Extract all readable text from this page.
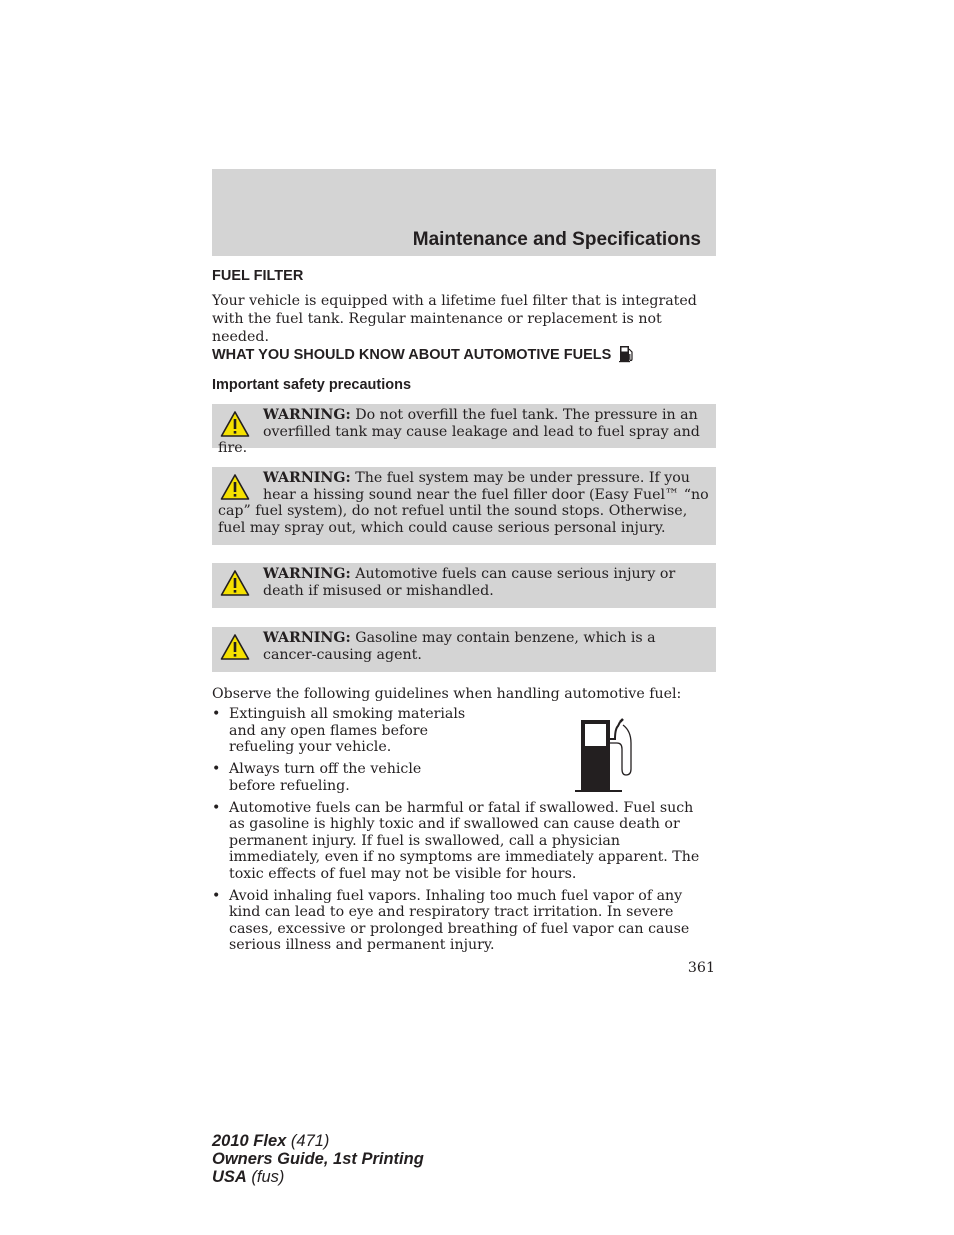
Maintenance and Specifications
FUEL FILTER
Your vehicle is equipped with a lifetime fuel filter that is integrated with the fuel tank. Regular maintenance or replacement is not needed.
WHAT YOU SHOULD KNOW ABOUT AUTOMOTIVE FUELS
Important safety precautions
WARNING: Do not overfill the fuel tank. The pressure in an overfilled tank may cause leakage and lead to fuel spray and fire.
WARNING: The fuel system may be under pressure. If you hear a hissing sound near the fuel filler door (Easy Fuel™ “no cap” fuel system), do not refuel until the sound stops. Otherwise, fuel may spray out, which could cause serious personal injury.
WARNING: Automotive fuels can cause serious injury or death if misused or mishandled.
WARNING: Gasoline may contain benzene, which is a cancer-causing agent.
Observe the following guidelines when handling automotive fuel:
• Extinguish all smoking materials and any open flames before refueling your vehicle.
• Always turn off the vehicle before refueling.
• Automotive fuels can be harmful or fatal if swallowed. Fuel such as gasoline is highly toxic and if swallowed can cause death or permanent injury. If fuel is swallowed, call a physician immediately, even if no symptoms are immediately apparent. The toxic effects of fuel may not be visible for hours.
• Avoid inhaling fuel vapors. Inhaling too much fuel vapor of any kind can lead to eye and respiratory tract irritation. In severe cases, excessive or prolonged breathing of fuel vapor can cause serious illness and permanent injury.
361
2010 Flex (471)
Owners Guide, 1st Printing
USA (fus)
